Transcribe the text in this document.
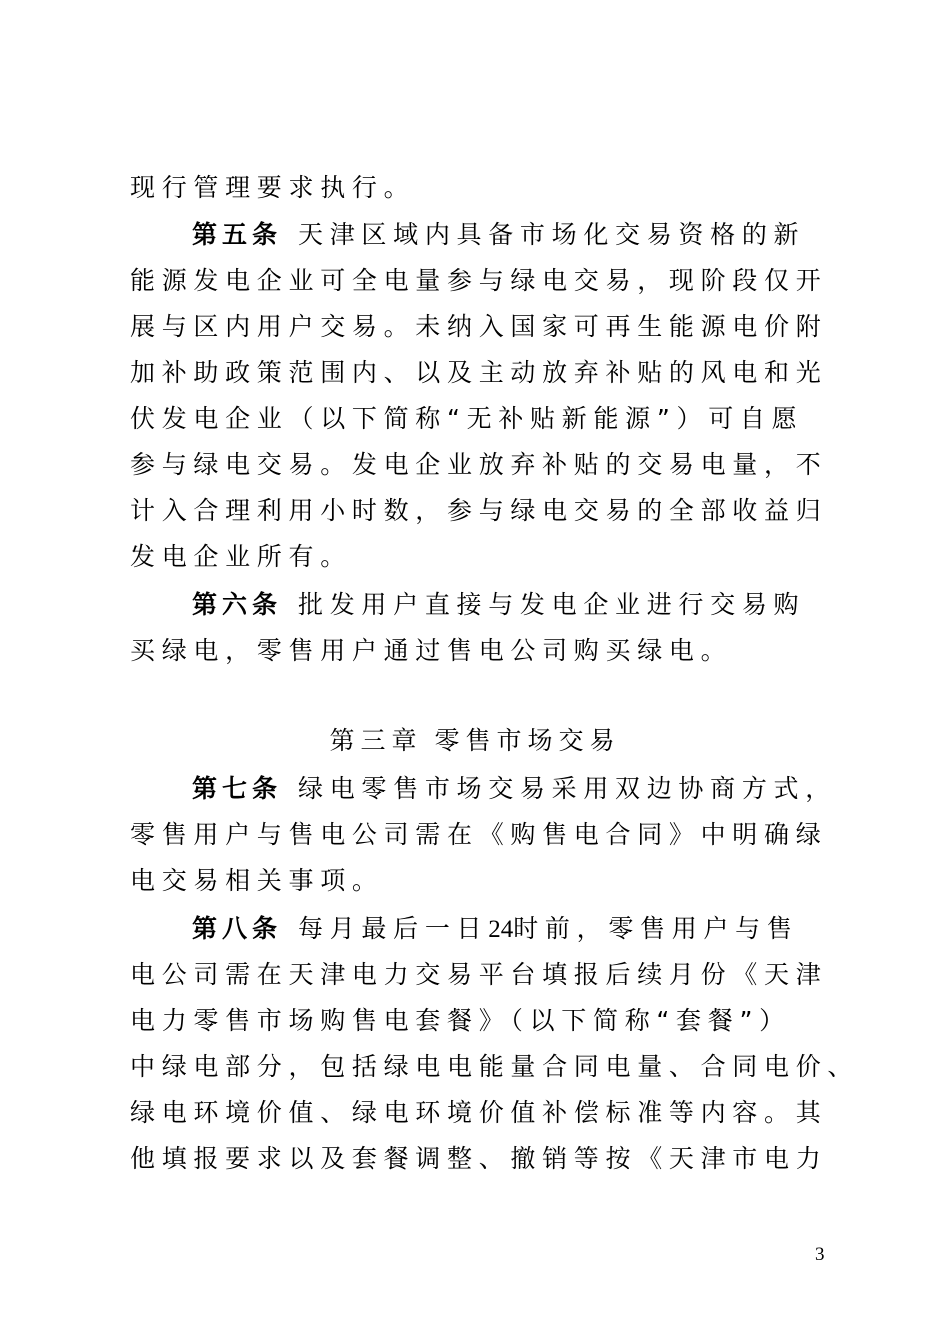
现行管理要求执行。
第五条 天津区域内具备市场化交易资格的新
能源发电企业可全电量参与绿电交易，现阶段仅开
展与区内用户交易。未纳入国家可再生能源电价附
加补助政策范围内、以及主动放弃补贴的风电和光
伏发电企业（以下简称“无补贴新能源”）可自愿
参与绿电交易。发电企业放弃补贴的交易电量，不
计入合理利用小时数，参与绿电交易的全部收益归
发电企业所有。
第六条 批发用户直接与发电企业进行交易购
买绿电，零售用户通过售电公司购买绿电。
第三章 零售市场交易
第七条 绿电零售市场交易采用双边协商方式，
零售用户与售电公司需在《购售电合同》中明确绿
电交易相关事项。
第八条 每月最后一日24时前，零售用户与售
电公司需在天津电力交易平台填报后续月份《天津
电力零售市场购售电套餐》（以下简称“套餐”）
中绿电部分，包括绿电电能量合同电量、合同电价、
绿电环境价值、绿电环境价值补偿标准等内容。其
他填报要求以及套餐调整、撤销等按《天津市电力
3
